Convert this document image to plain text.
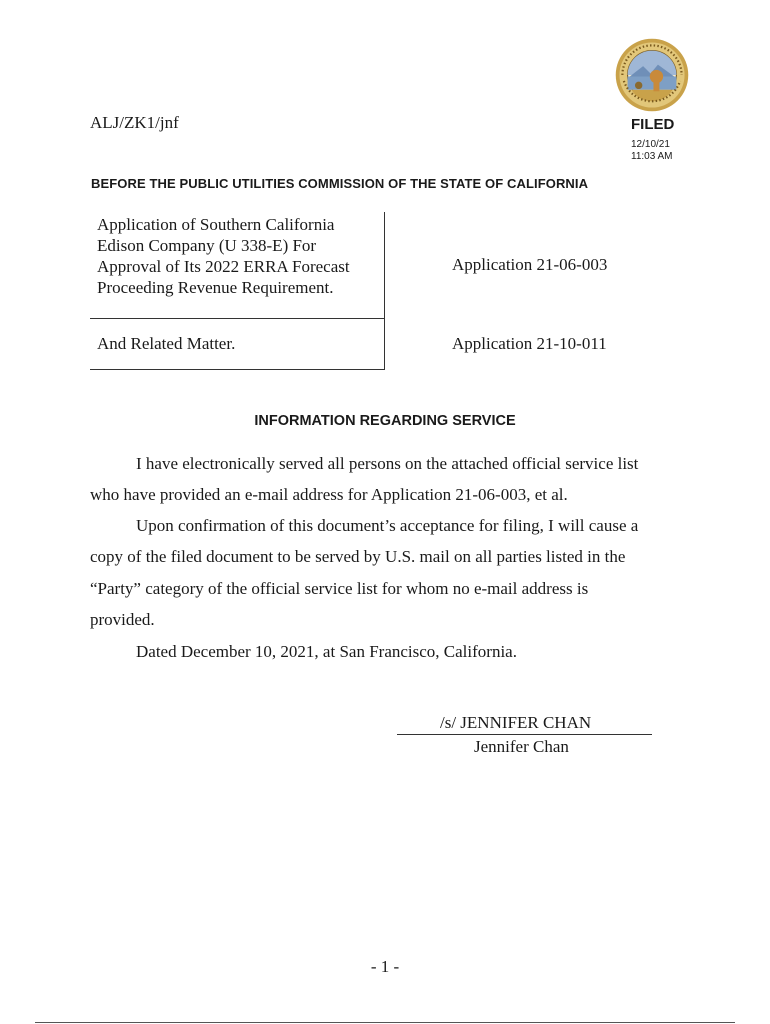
ALJ/ZK1/jnf	FILED
12/10/21
11:03 AM
BEFORE THE PUBLIC UTILITIES COMMISSION OF THE STATE OF CALIFORNIA
Application of Southern California
Edison Company (U 338-E) For
Approval of Its 2022 ERRA Forecast
Proceeding Revenue Requirement.
Application 21-06-003
And Related Matter.	Application 21-10-011
INFORMATION REGARDING SERVICE
I have electronically served all persons on the attached official service list
who have provided an e-mail address for Application 21-06-003, et al.
Upon confirmation of this document’s acceptance for filing, I will cause a
copy of the filed document to be served by U.S. mail on all parties listed in the
“Party” category of the official service list for whom no e-mail address is
provided.
Dated December 10, 2021, at San Francisco, California.
/s/ JENNIFER CHAN
Jennifer Chan
- 1 -
